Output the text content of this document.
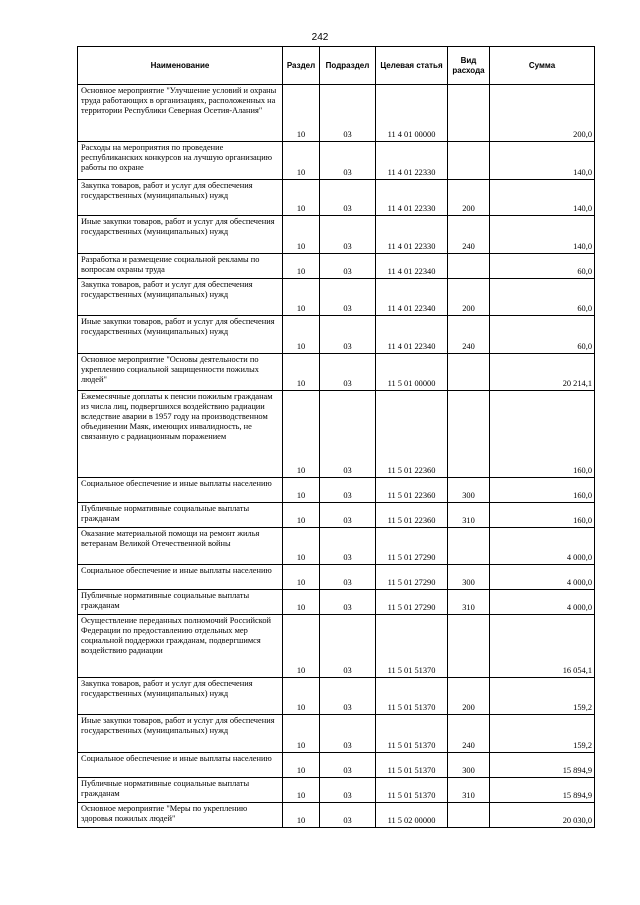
242
Наименование	Раздел	Подраздел	Целевая статья	Вид расхода	Сумма
Основное мероприятие "Улучшение условий и охраны труда работающих в организациях, расположенных на территории Республики Северная Осетия-Алания"	10	03	11 4 01 00000		200,0
Расходы на мероприятия по проведение республиканских конкурсов на лучшую организацию работы по охране	10	03	11 4 01 22330		140,0
Закупка товаров, работ и услуг для обеспечения государственных (муниципальных) нужд	10	03	11 4 01 22330	200	140,0
Иные закупки товаров, работ и услуг для обеспечения государственных (муниципальных) нужд	10	03	11 4 01 22330	240	140,0
Разработка и размещение социальной рекламы по вопросам охраны труда	10	03	11 4 01 22340		60,0
Закупка товаров, работ и услуг для обеспечения государственных (муниципальных) нужд	10	03	11 4 01 22340	200	60,0
Иные закупки товаров, работ и услуг для обеспечения государственных (муниципальных) нужд	10	03	11 4 01 22340	240	60,0
Основное мероприятие "Основы деятельности по укреплению социальной защищенности пожилых людей"	10	03	11 5 01 00000		20 214,1
Ежемесячные доплаты к пенсии пожилым гражданам из числа лиц, подвергшихся воздействию радиации вследствие аварии в 1957 году на производственном объединении Маяк, имеющих инвалидность, не связанную с радиационным поражением	10	03	11 5 01 22360		160,0
Социальное обеспечение и иные выплаты населению	10	03	11 5 01 22360	300	160,0
Публичные нормативные социальные выплаты гражданам	10	03	11 5 01 22360	310	160,0
Оказание материальной помощи на ремонт жилья ветеранам Великой Отечественной войны	10	03	11 5 01 27290		4 000,0
Социальное обеспечение и иные выплаты населению	10	03	11 5 01 27290	300	4 000,0
Публичные нормативные социальные выплаты гражданам	10	03	11 5 01 27290	310	4 000,0
Осуществление переданных полномочий Российской Федерации по предоставлению отдельных мер социальной поддержки гражданам, подвергшимся воздействию радиации	10	03	11 5 01 51370		16 054,1
Закупка товаров, работ и услуг для обеспечения государственных (муниципальных) нужд	10	03	11 5 01 51370	200	159,2
Иные закупки товаров, работ и услуг для обеспечения государственных (муниципальных) нужд	10	03	11 5 01 51370	240	159,2
Социальное обеспечение и иные выплаты населению	10	03	11 5 01 51370	300	15 894,9
Публичные нормативные социальные выплаты гражданам	10	03	11 5 01 51370	310	15 894,9
Основное мероприятие "Меры по укреплению здоровья пожилых людей"	10	03	11 5 02 00000		20 030,0
